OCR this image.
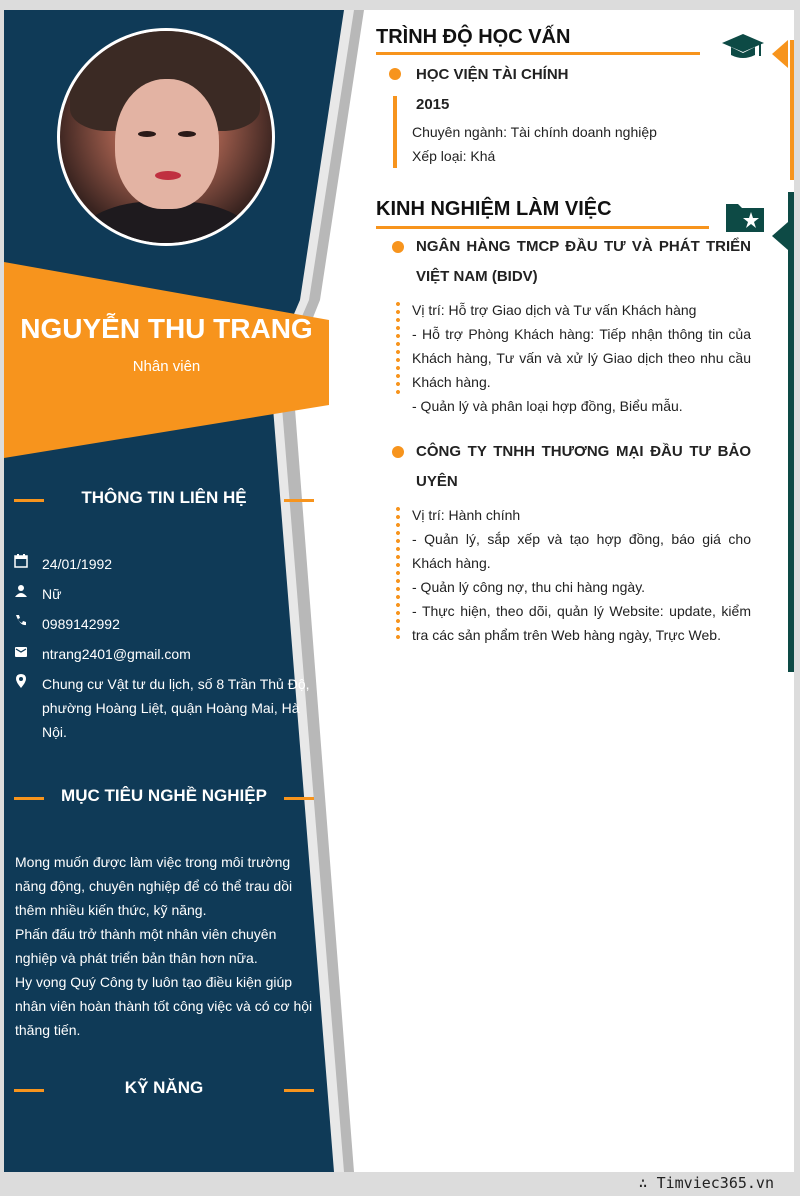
NGUYỄN THU TRANG
Nhân viên
THÔNG TIN LIÊN HỆ
24/01/1992
Nữ
0989142992
ntrang2401@gmail.com
Chung cư Vật tư du lịch, số 8 Trần Thủ Độ, phường Hoàng Liệt, quận Hoàng Mai, Hà Nội.
MỤC TIÊU NGHỀ NGHIỆP

Mong muốn được làm việc trong môi trường năng động, chuyên nghiệp để có thể trau dồi thêm nhiều kiến thức, kỹ năng.

Phấn đấu trở thành một nhân viên chuyên nghiệp và phát triển bản thân hơn nữa.

Hy vọng Quý Công ty luôn tạo điều kiện giúp nhân viên hoàn thành tốt công việc và có cơ hội thăng tiến.

KỸ NĂNG
TRÌNH ĐỘ HỌC VẤN
HỌC VIỆN TÀI CHÍNH
2015

Chuyên ngành: Tài chính doanh nghiệp

Xếp loại: Khá

KINH NGHIỆM LÀM VIỆC
NGÂN HÀNG TMCP ĐẦU TƯ VÀ PHÁT TRIỂN VIỆT NAM (BIDV)

Vị trí: Hỗ trợ Giao dịch và Tư vấn Khách hàng

- Hỗ trợ Phòng Khách hàng: Tiếp nhận thông tin của Khách hàng, Tư vấn và xử lý Giao dịch theo nhu cầu Khách hàng.

- Quản lý và phân loại hợp đồng, Biểu mẫu.

CÔNG TY TNHH THƯƠNG MẠI ĐẦU TƯ BẢO UYÊN

Vị trí: Hành chính

- Quản lý, sắp xếp và tạo hợp đồng, báo giá cho Khách hàng.

- Quản lý công nợ, thu chi hàng ngày.

- Thực hiện, theo dõi, quản lý Website: update, kiểm tra các sản phẩm trên Web hàng ngày, Trực Web.

∴ Timviec365.vn
